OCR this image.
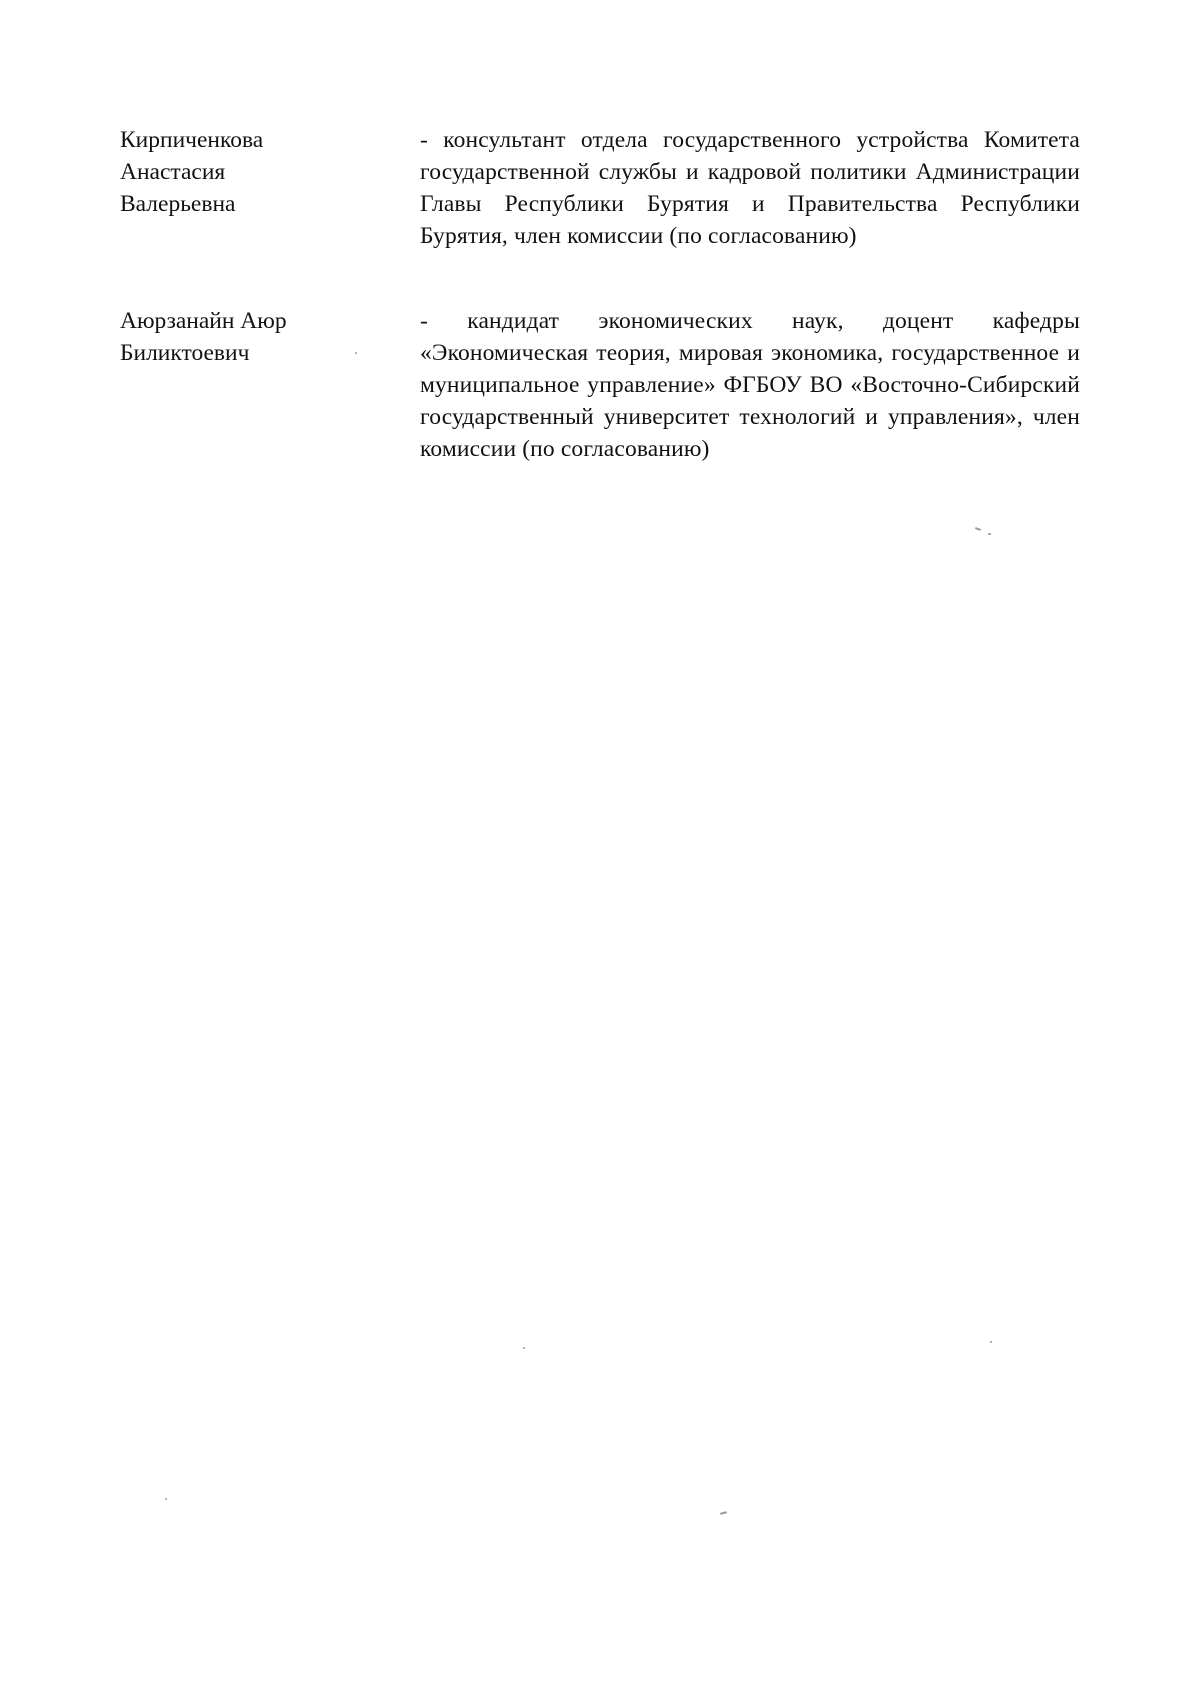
Кирпиченкова
Анастасия
Валерьевна
- консультант отдела государственного устройства Комитета государственной службы и кадровой политики Администрации Главы Республики Бурятия и Правительства Республики Бурятия, член комиссии (по согласованию)
Аюрзанайн Аюр
Биликтоевич
- кандидат экономических наук, доцент кафедры «Экономическая теория, мировая экономика, государственное и муниципальное управление» ФГБОУ ВО «Восточно-Сибирский государственный университет технологий и управления», член комиссии (по согласованию)
